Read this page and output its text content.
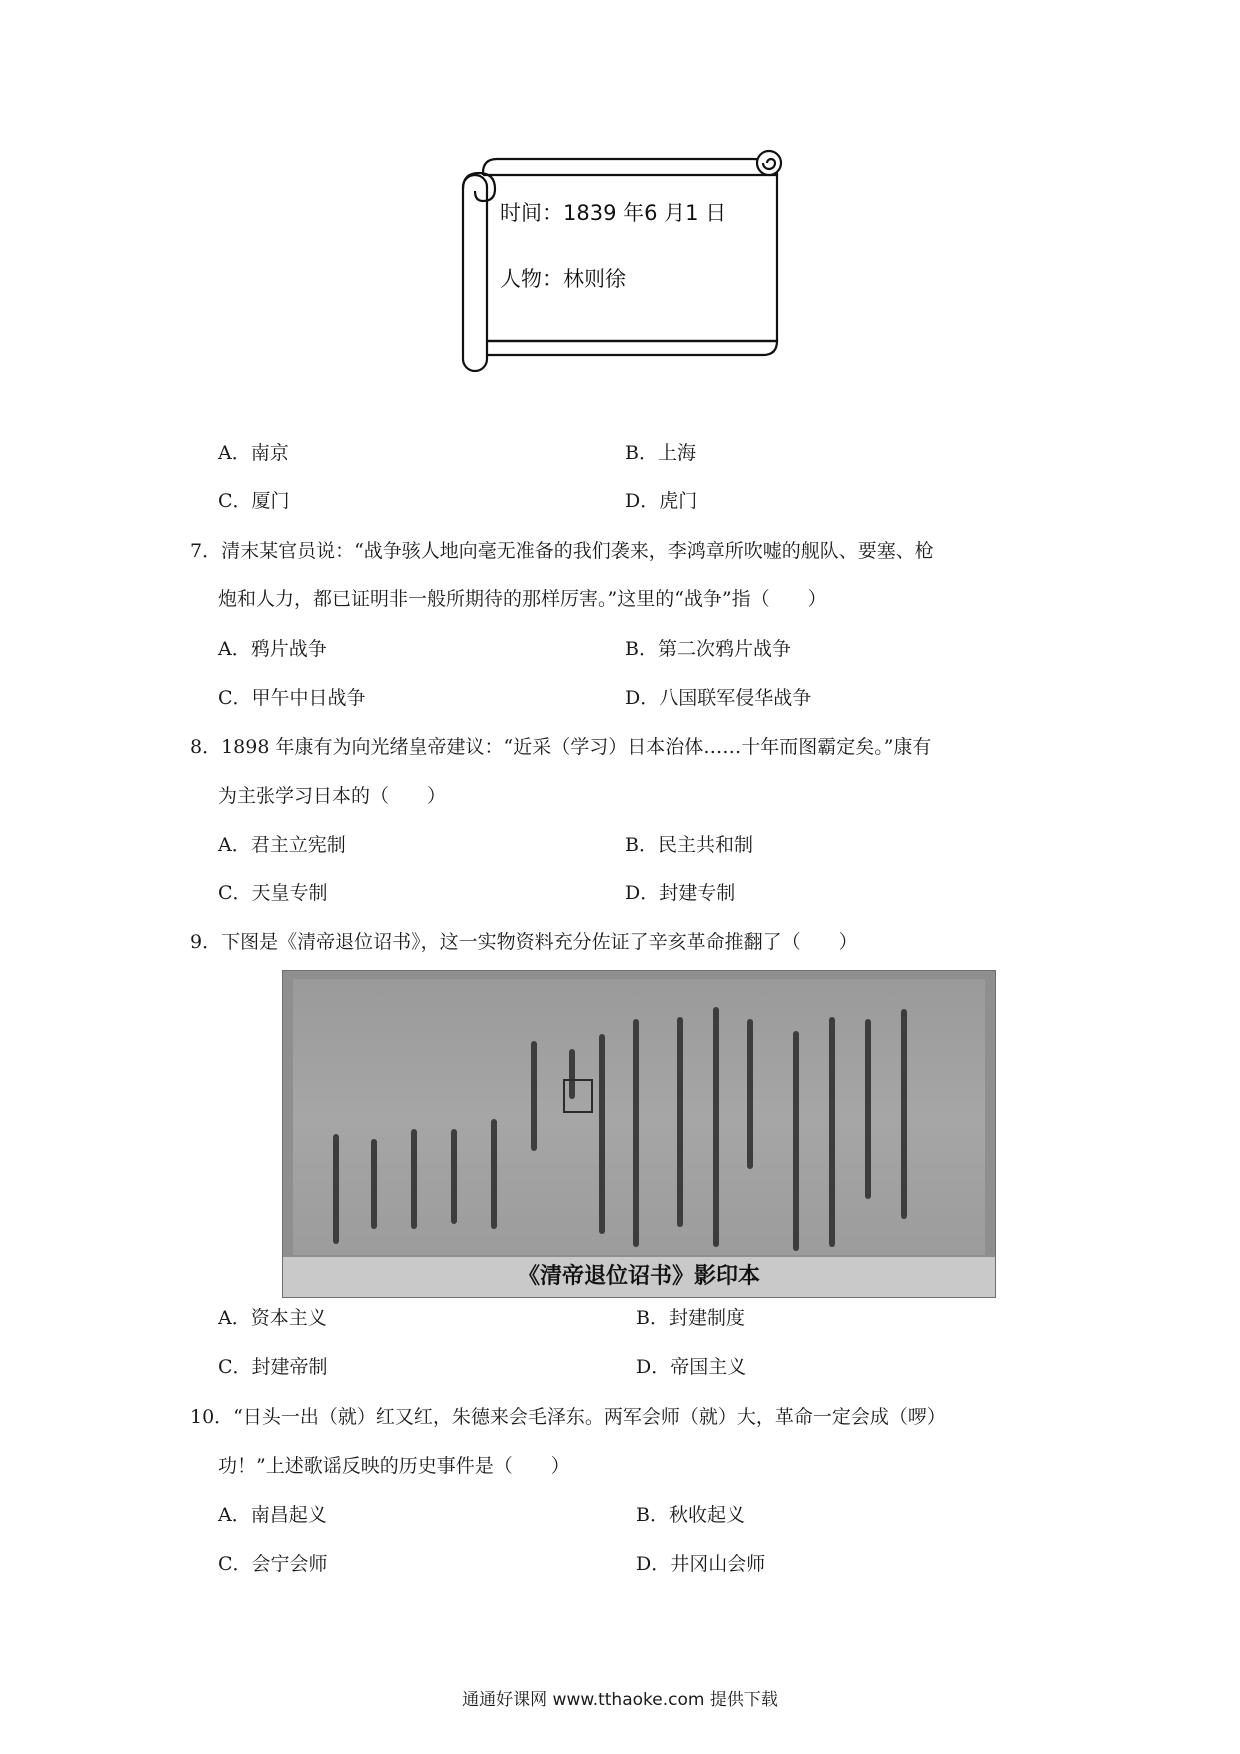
时间：1839 年6 月1 日
人物：林则徐
A．南京	B．上海
C．厦门	D．虎门
7．清末某官员说：“战争骇人地向毫无准备的我们袭来，李鸿章所吹嘘的舰队、要塞、枪
炮和人力，都已证明非一般所期待的那样厉害。”这里的“战争”指（　　）
A．鸦片战争	B．第二次鸦片战争
C．甲午中日战争	D．八国联军侵华战争
8．1898 年康有为向光绪皇帝建议：“近采（学习）日本治体……十年而图霸定矣。”康有
为主张学习日本的（　　）
A．君主立宪制	B．民主共和制
C．天皇专制	D．封建专制
9．下图是《清帝退位诏书》，这一实物资料充分佐证了辛亥革命推翻了（　　）
《清帝退位诏书》影印本
A．资本主义	B．封建制度
C．封建帝制	D．帝国主义
10．“日头一出（就）红又红，朱德来会毛泽东。两军会师（就）大，革命一定会成（啰）
功！”上述歌谣反映的历史事件是（　　）
A．南昌起义	B．秋收起义
C．会宁会师	D．井冈山会师
通通好课网 www.tthaoke.com 提供下载
